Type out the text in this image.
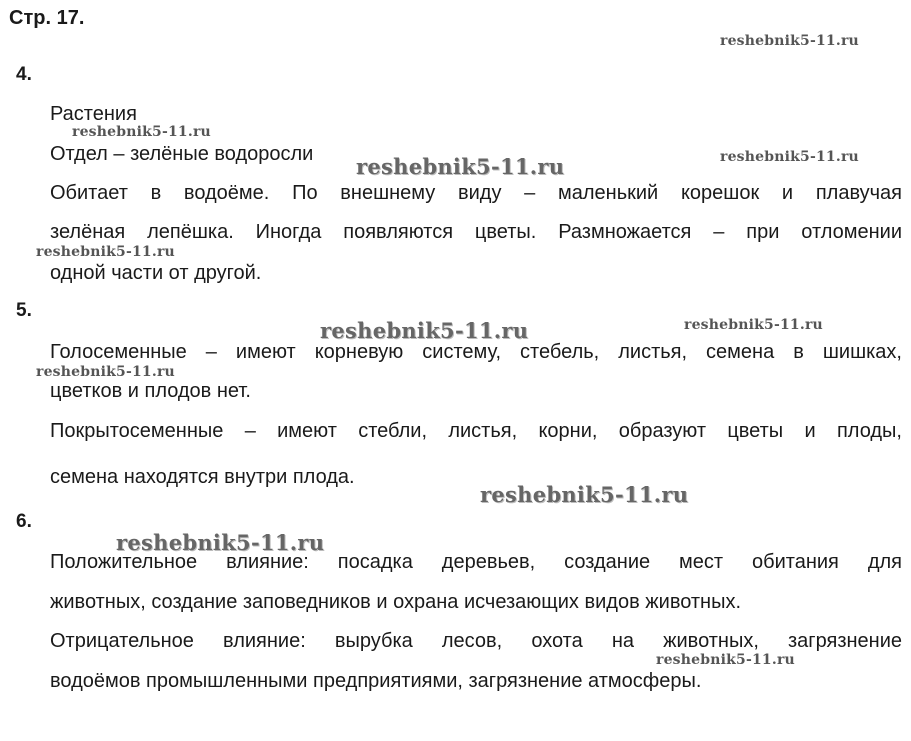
Стр. 17.
4.
Растения
Отдел – зелёные водоросли
Обитает в водоёме. По внешнему виду – маленький корешок и плавучая
зелёная лепёшка. Иногда появляются цветы. Размножается – при отломении
одной части от другой.
5.
Голосеменные – имеют корневую систему, стебель, листья, семена в шишках,
цветков и плодов нет.
Покрытосеменные – имеют стебли, листья, корни, образуют цветы и плоды,
семена находятся внутри плода.
6.
Положительное влияние: посадка деревьев, создание мест обитания для
животных, создание заповедников и охрана исчезающих видов животных.
Отрицательное влияние: вырубка лесов, охота на животных, загрязнение
водоёмов промышленными предприятиями, загрязнение атмосферы.
reshebnik5-11.ru
reshebnik5-11.ru
reshebnik5-11.ru	reshebnik5-11.ru
reshebnik5-11.ru
reshebnik5-11.ru	reshebnik5-11.ru
reshebnik5-11.ru
reshebnik5-11.ru
reshebnik5-11.ru
reshebnik5-11.ru
